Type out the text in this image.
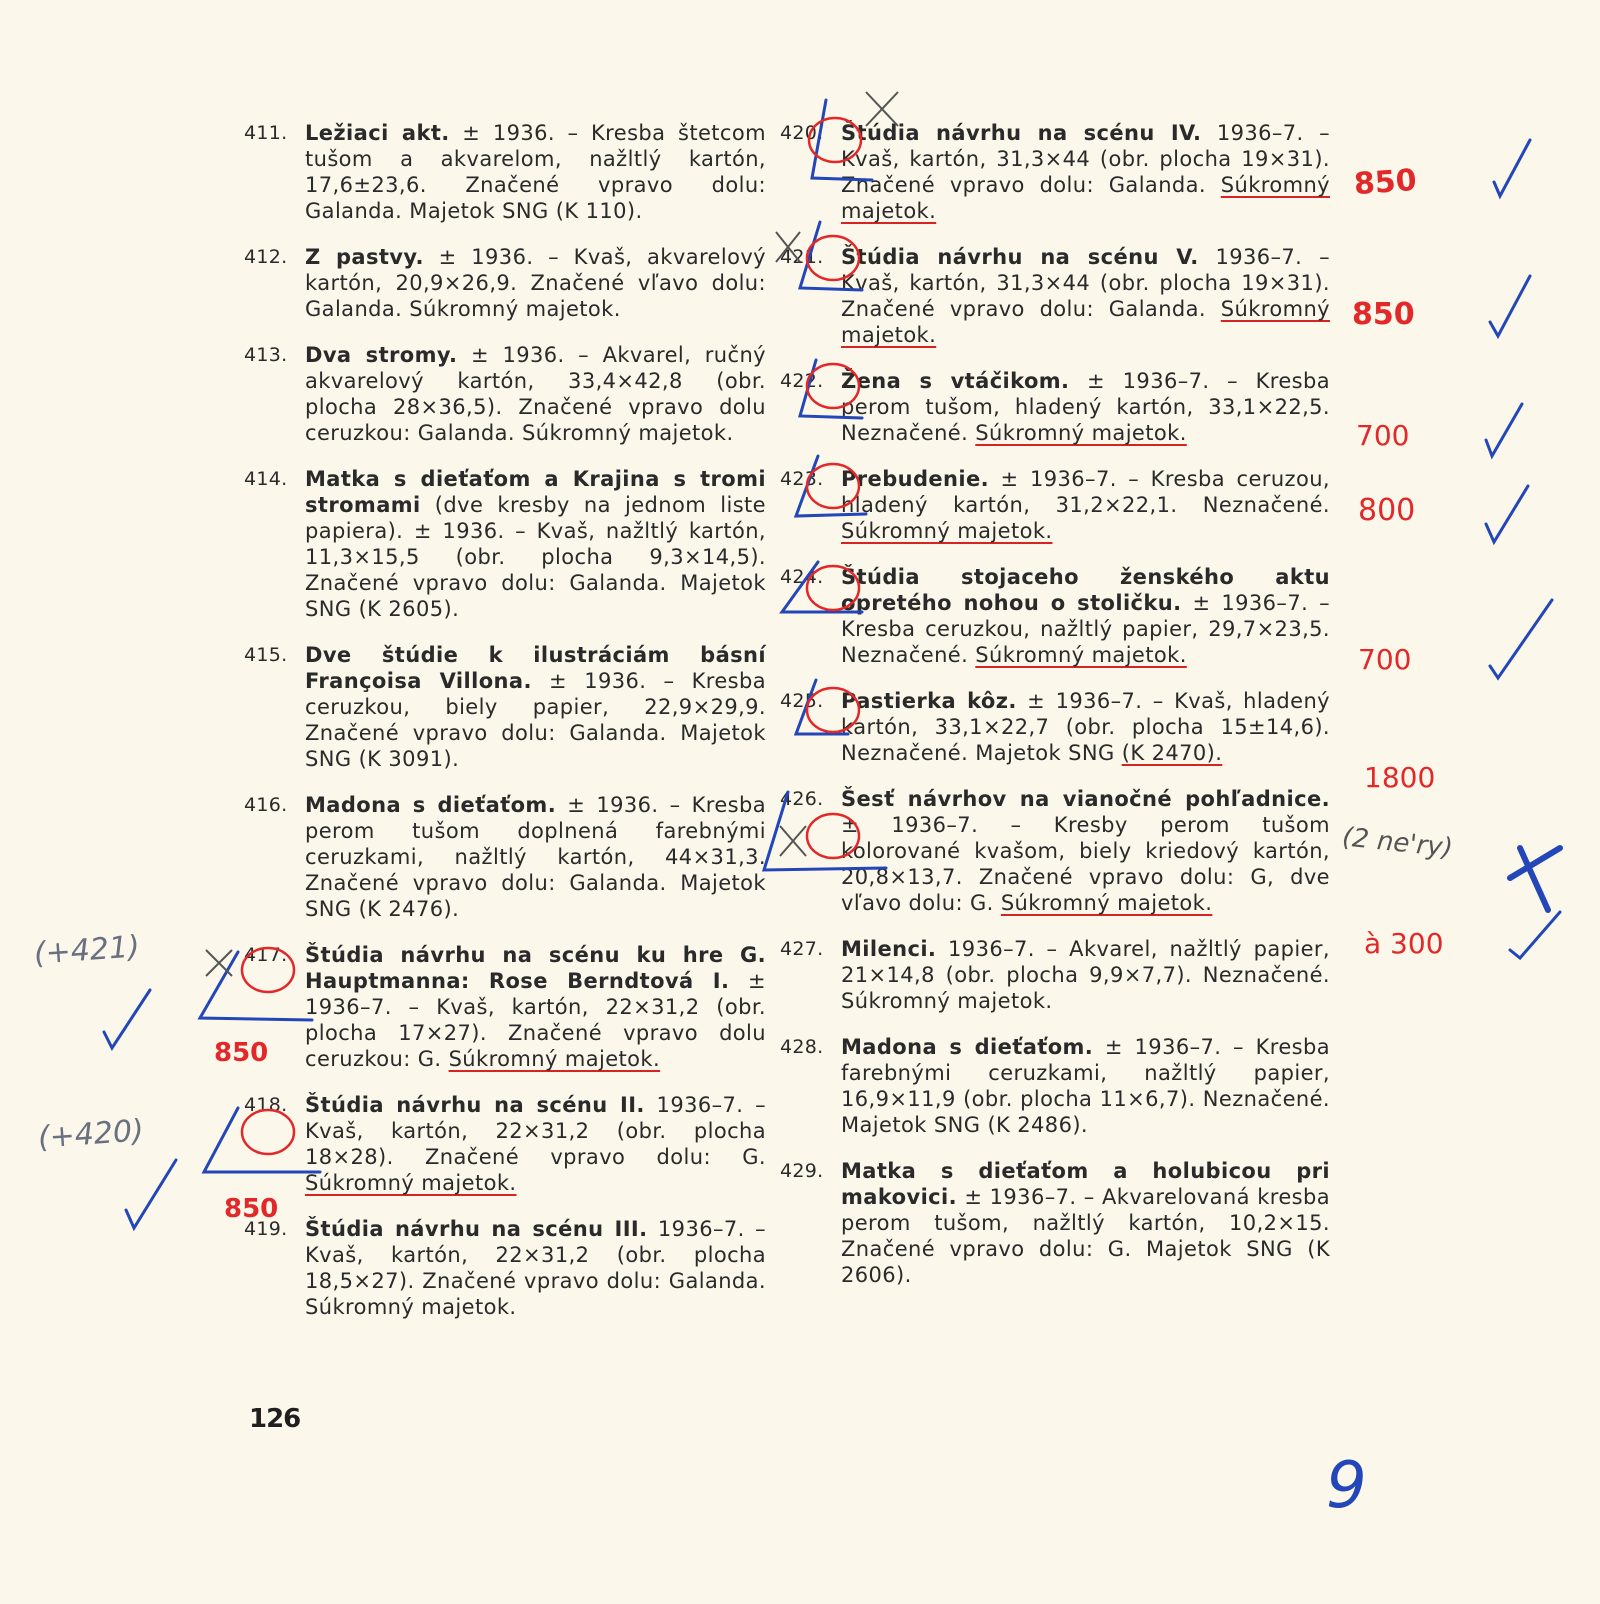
411. Ležiaci akt. ± 1936. – Kresba štetcom tušom a akvarelom, nažltlý kartón, 17,6±23,6. Značené vpravo dolu: Galanda. Majetok SNG (K 110).
412. Z pastvy. ± 1936. – Kvaš, akvarelový kartón, 20,9×26,9. Značené vľavo dolu: Galanda. Súkromný majetok.
413. Dva stromy. ± 1936. – Akvarel, ručný akvarelový kartón, 33,4×42,8 (obr. plocha 28×36,5). Značené vpravo dolu ceruzkou: Galanda. Súkromný majetok.
414. Matka s dieťaťom a Krajina s tromi stromami (dve kresby na jednom liste papiera). ± 1936. – Kvaš, nažltlý kartón, 11,3×15,5 (obr. plocha 9,3×14,5). Značené vpravo dolu: Galanda. Majetok SNG (K 2605).
415. Dve štúdie k ilustráciám básní Françoisa Villona. ± 1936. – Kresba ceruzkou, biely papier, 22,9×29,9. Značené vpravo dolu: Galanda. Majetok SNG (K 3091).
416. Madona s dieťaťom. ± 1936. – Kresba perom tušom doplnená farebnými ceruzkami, nažltlý kartón, 44×31,3. Značené vpravo dolu: Galanda. Majetok SNG (K 2476).
417. Štúdia návrhu na scénu ku hre G. Hauptmanna: Rose Berndtová I. ± 1936–7. – Kvaš, kartón, 22×31,2 (obr. plocha 17×27). Značené vpravo dolu ceruzkou: G. Súkromný majetok.
418. Štúdia návrhu na scénu II. 1936–7. – Kvaš, kartón, 22×31,2 (obr. plocha 18×28). Značené vpravo dolu: G. Súkromný majetok.
419. Štúdia návrhu na scénu III. 1936–7. – Kvaš, kartón, 22×31,2 (obr. plocha 18,5×27). Značené vpravo dolu: Galanda. Súkromný majetok.
420. Štúdia návrhu na scénu IV. 1936–7. – Kvaš, kartón, 31,3×44 (obr. plocha 19×31). Značené vpravo dolu: Galanda. Súkromný majetok.
421. Štúdia návrhu na scénu V. 1936–7. – Kvaš, kartón, 31,3×44 (obr. plocha 19×31). Značené vpravo dolu: Galanda. Súkromný majetok.
422. Žena s vtáčikom. ± 1936–7. – Kresba perom tušom, hladený kartón, 33,1×22,5. Neznačené. Súkromný majetok.
423. Prebudenie. ± 1936–7. – Kresba ceruzou, hladený kartón, 31,2×22,1. Neznačené. Súkromný majetok.
424. Štúdia stojaceho ženského aktu opretého nohou o stoličku. ± 1936–7. – Kresba ceruzkou, nažltlý papier, 29,7×23,5. Neznačené. Súkromný majetok.
425. Pastierka kôz. ± 1936–7. – Kvaš, hladený kartón, 33,1×22,7 (obr. plocha 15±14,6). Neznačené. Majetok SNG (K 2470).
426. Šesť návrhov na vianočné pohľadnice. ± 1936–7. – Kresby perom tušom kolorované kvašom, biely kriedový kartón, 20,8×13,7. Značené vpravo dolu: G, dve vľavo dolu: G. Súkromný majetok.
427. Milenci. 1936–7. – Akvarel, nažltlý papier, 21×14,8 (obr. plocha 9,9×7,7). Neznačené. Súkromný majetok.
428. Madona s dieťaťom. ± 1936–7. – Kresba farebnými ceruzkami, nažltlý papier, 16,9×11,9 (obr. plocha 11×6,7). Neznačené. Majetok SNG (K 2486).
429. Matka s dieťaťom a holubicou pri makovici. ± 1936–7. – Akvarelovaná kresba perom tušom, nažltlý kartón, 10,2×15. Značené vpravo dolu: G. Majetok SNG (K 2606).
126
850
850
700
800
700
1800
(2 ne'ry)
à 300
850
850
(+421)
(+420)
9
